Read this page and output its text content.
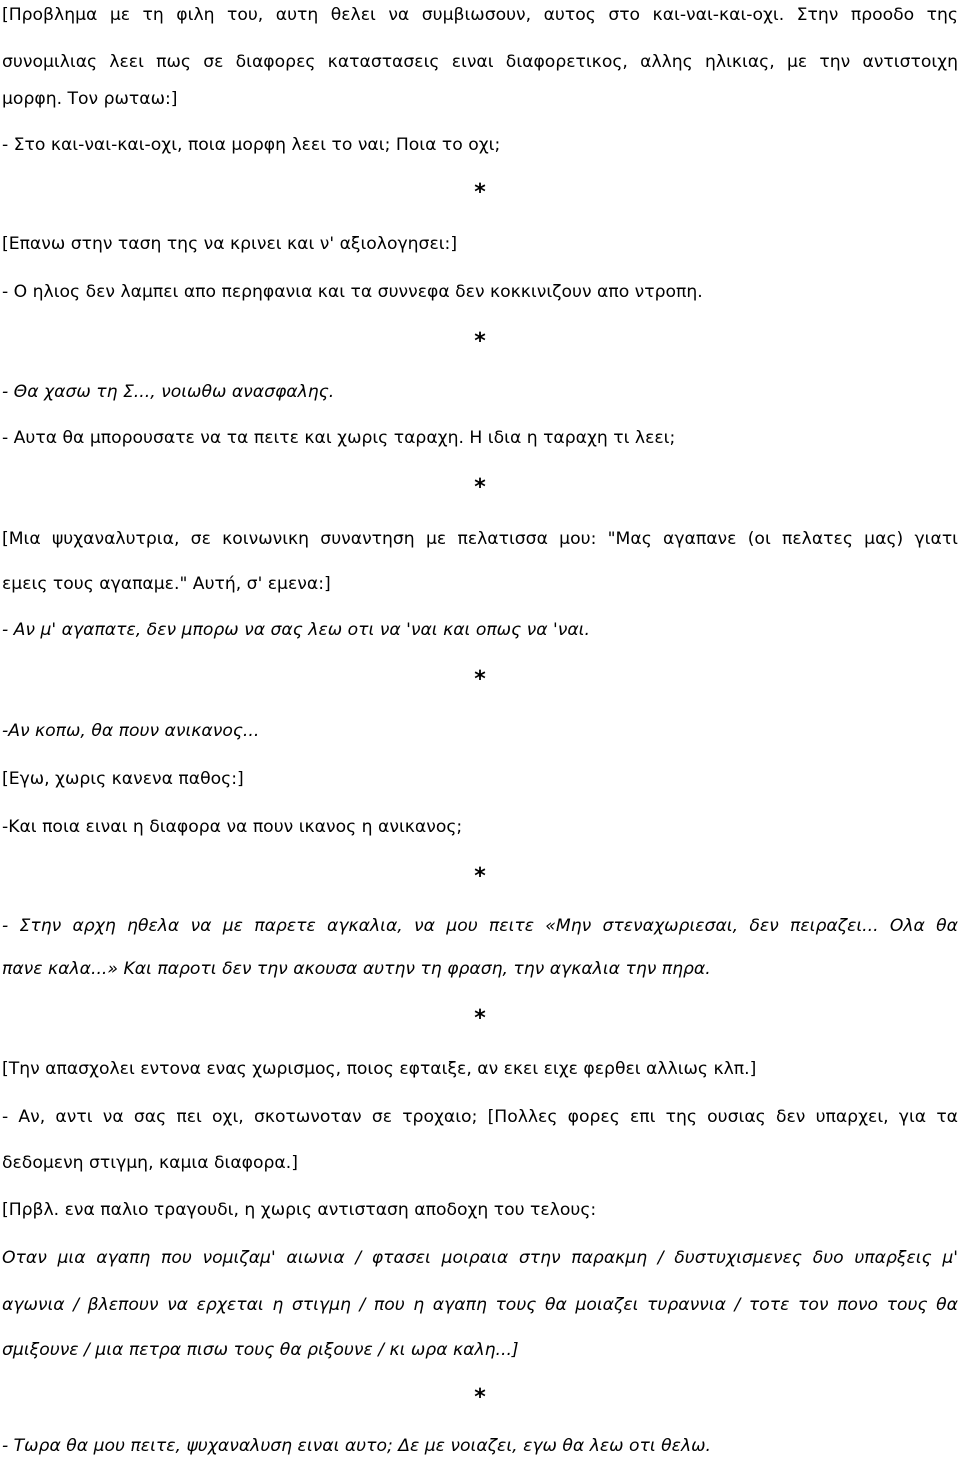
[Προβλημα με τη φιλη του, αυτη θελει να συμβιωσουν, αυτος στο και-ναι-και-οχι. Στην προοδο της
συνομιλιας λεει πως σε διαφορες καταστασεις ειναι διαφορετικος, αλλης ηλικιας, με την αντιστοιχη
μορφη. Τον ρωταω:]
- Στο και-ναι-και-οχι, ποια μορφη λεει το ναι; Ποια το οχι;
*
[Επανω στην ταση της να κρινει και ν' αξιολογησει:]
- Ο ηλιος δεν λαμπει απο περηφανια και τα συννεφα δεν κοκκινιζουν απο ντροπη.
*
- Θα χασω τη Σ..., νοιωθω ανασφαλης.
- Αυτα θα μπορουσατε να τα πειτε και χωρις ταραχη. Η ιδια η ταραχη τι λεει;
*
[Μια ψυχαναλυτρια, σε κοινωνικη συναντηση με πελατισσα μου: "Μας αγαπανε (οι πελατες μας) γιατι
εμεις τους αγαπαμε." Αυτή, σ' εμενα:]
- Αν μ' αγαπατε, δεν μπορω να σας λεω οτι να 'ναι και οπως να 'ναι.
*
-Αν κοπω, θα πουν ανικανος...
[Εγω, χωρις κανενα παθος:]
-Και ποια ειναι η διαφορα να πουν ικανος η ανικανος;
*
- Στην αρχη ηθελα να με παρετε αγκαλια, να μου πειτε «Μην στεναχωριεσαι, δεν πειραζει... Ολα θα
πανε καλα...» Και παροτι δεν την ακουσα αυτην τη φραση, την αγκαλια την πηρα.
*
[Την απασχολει εντονα ενας χωρισμος, ποιος εφταιξε, αν εκει ειχε φερθει αλλιως κλπ.]
- Αν, αντι να σας πει οχι, σκοτωνοταν σε τροχαιο; [Πολλες φορες επι της ουσιας δεν υπαρχει, για τα
δεδομενη στιγμη, καμια διαφορα.]
[Πρβλ. ενα παλιο τραγουδι, η χωρις αντισταση αποδοχη του τελους:
Οταν μια αγαπη που νομιζαμ' αιωνια / φτασει μοιραια στην παρακμη / δυστυχισμενες δυο υπαρξεις μ'
αγωνια / βλεπουν να ερχεται η στιγμη / που η αγαπη τους θα μοιαζει τυραννια / τοτε τον πονο τους θα
σμιξουνε / μια πετρα πισω τους θα ριξουνε / κι ωρα καλη...]
*
- Τωρα θα μου πειτε, ψυχαναλυση ειναι αυτο; Δε με νοιαζει, εγω θα λεω οτι θελω.
